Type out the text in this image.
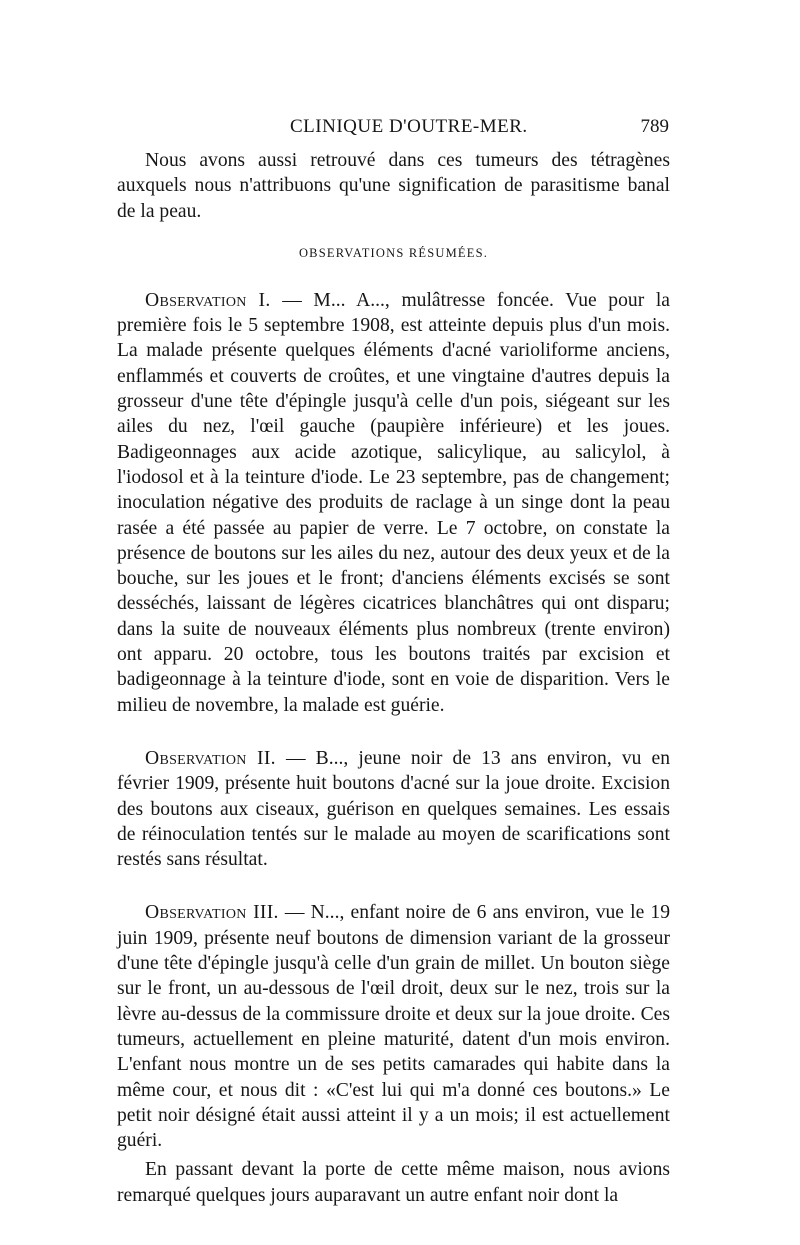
CLINIQUE D'OUTRE-MER.	789

Nous avons aussi retrouvé dans ces tumeurs des tétragènes auxquels nous n'attribuons qu'une signification de parasitisme banal de la peau.

OBSERVATIONS RÉSUMÉES.

Observation I. — M... A..., mulâtresse foncée. Vue pour la première fois le 5 septembre 1908, est atteinte depuis plus d'un mois. La malade présente quelques éléments d'acné varioliforme anciens, enflammés et couverts de croûtes, et une vingtaine d'autres depuis la grosseur d'une tête d'épingle jusqu'à celle d'un pois, siégeant sur les ailes du nez, l'œil gauche (paupière inférieure) et les joues. Badigeonnages aux acide azotique, salicylique, au salicylol, à l'iodosol et à la teinture d'iode. Le 23 septembre, pas de changement; inoculation négative des produits de raclage à un singe dont la peau rasée a été passée au papier de verre. Le 7 octobre, on constate la présence de boutons sur les ailes du nez, autour des deux yeux et de la bouche, sur les joues et le front; d'anciens éléments excisés se sont desséchés, laissant de légères cicatrices blanchâtres qui ont disparu; dans la suite de nouveaux éléments plus nombreux (trente environ) ont apparu. 20 octobre, tous les boutons traités par excision et badigeonnage à la teinture d'iode, sont en voie de disparition. Vers le milieu de novembre, la malade est guérie.

Observation II. — B..., jeune noir de 13 ans environ, vu en février 1909, présente huit boutons d'acné sur la joue droite. Excision des boutons aux ciseaux, guérison en quelques semaines. Les essais de réinoculation tentés sur le malade au moyen de scarifications sont restés sans résultat.

Observation III. — N..., enfant noire de 6 ans environ, vue le 19 juin 1909, présente neuf boutons de dimension variant de la grosseur d'une tête d'épingle jusqu'à celle d'un grain de millet. Un bouton siège sur le front, un au-dessous de l'œil droit, deux sur le nez, trois sur la lèvre au-dessus de la commissure droite et deux sur la joue droite. Ces tumeurs, actuellement en pleine maturité, datent d'un mois environ. L'enfant nous montre un de ses petits camarades qui habite dans la même cour, et nous dit : «C'est lui qui m'a donné ces boutons.» Le petit noir désigné était aussi atteint il y a un mois; il est actuellement guéri.

En passant devant la porte de cette même maison, nous avions remarqué quelques jours auparavant un autre enfant noir dont la
